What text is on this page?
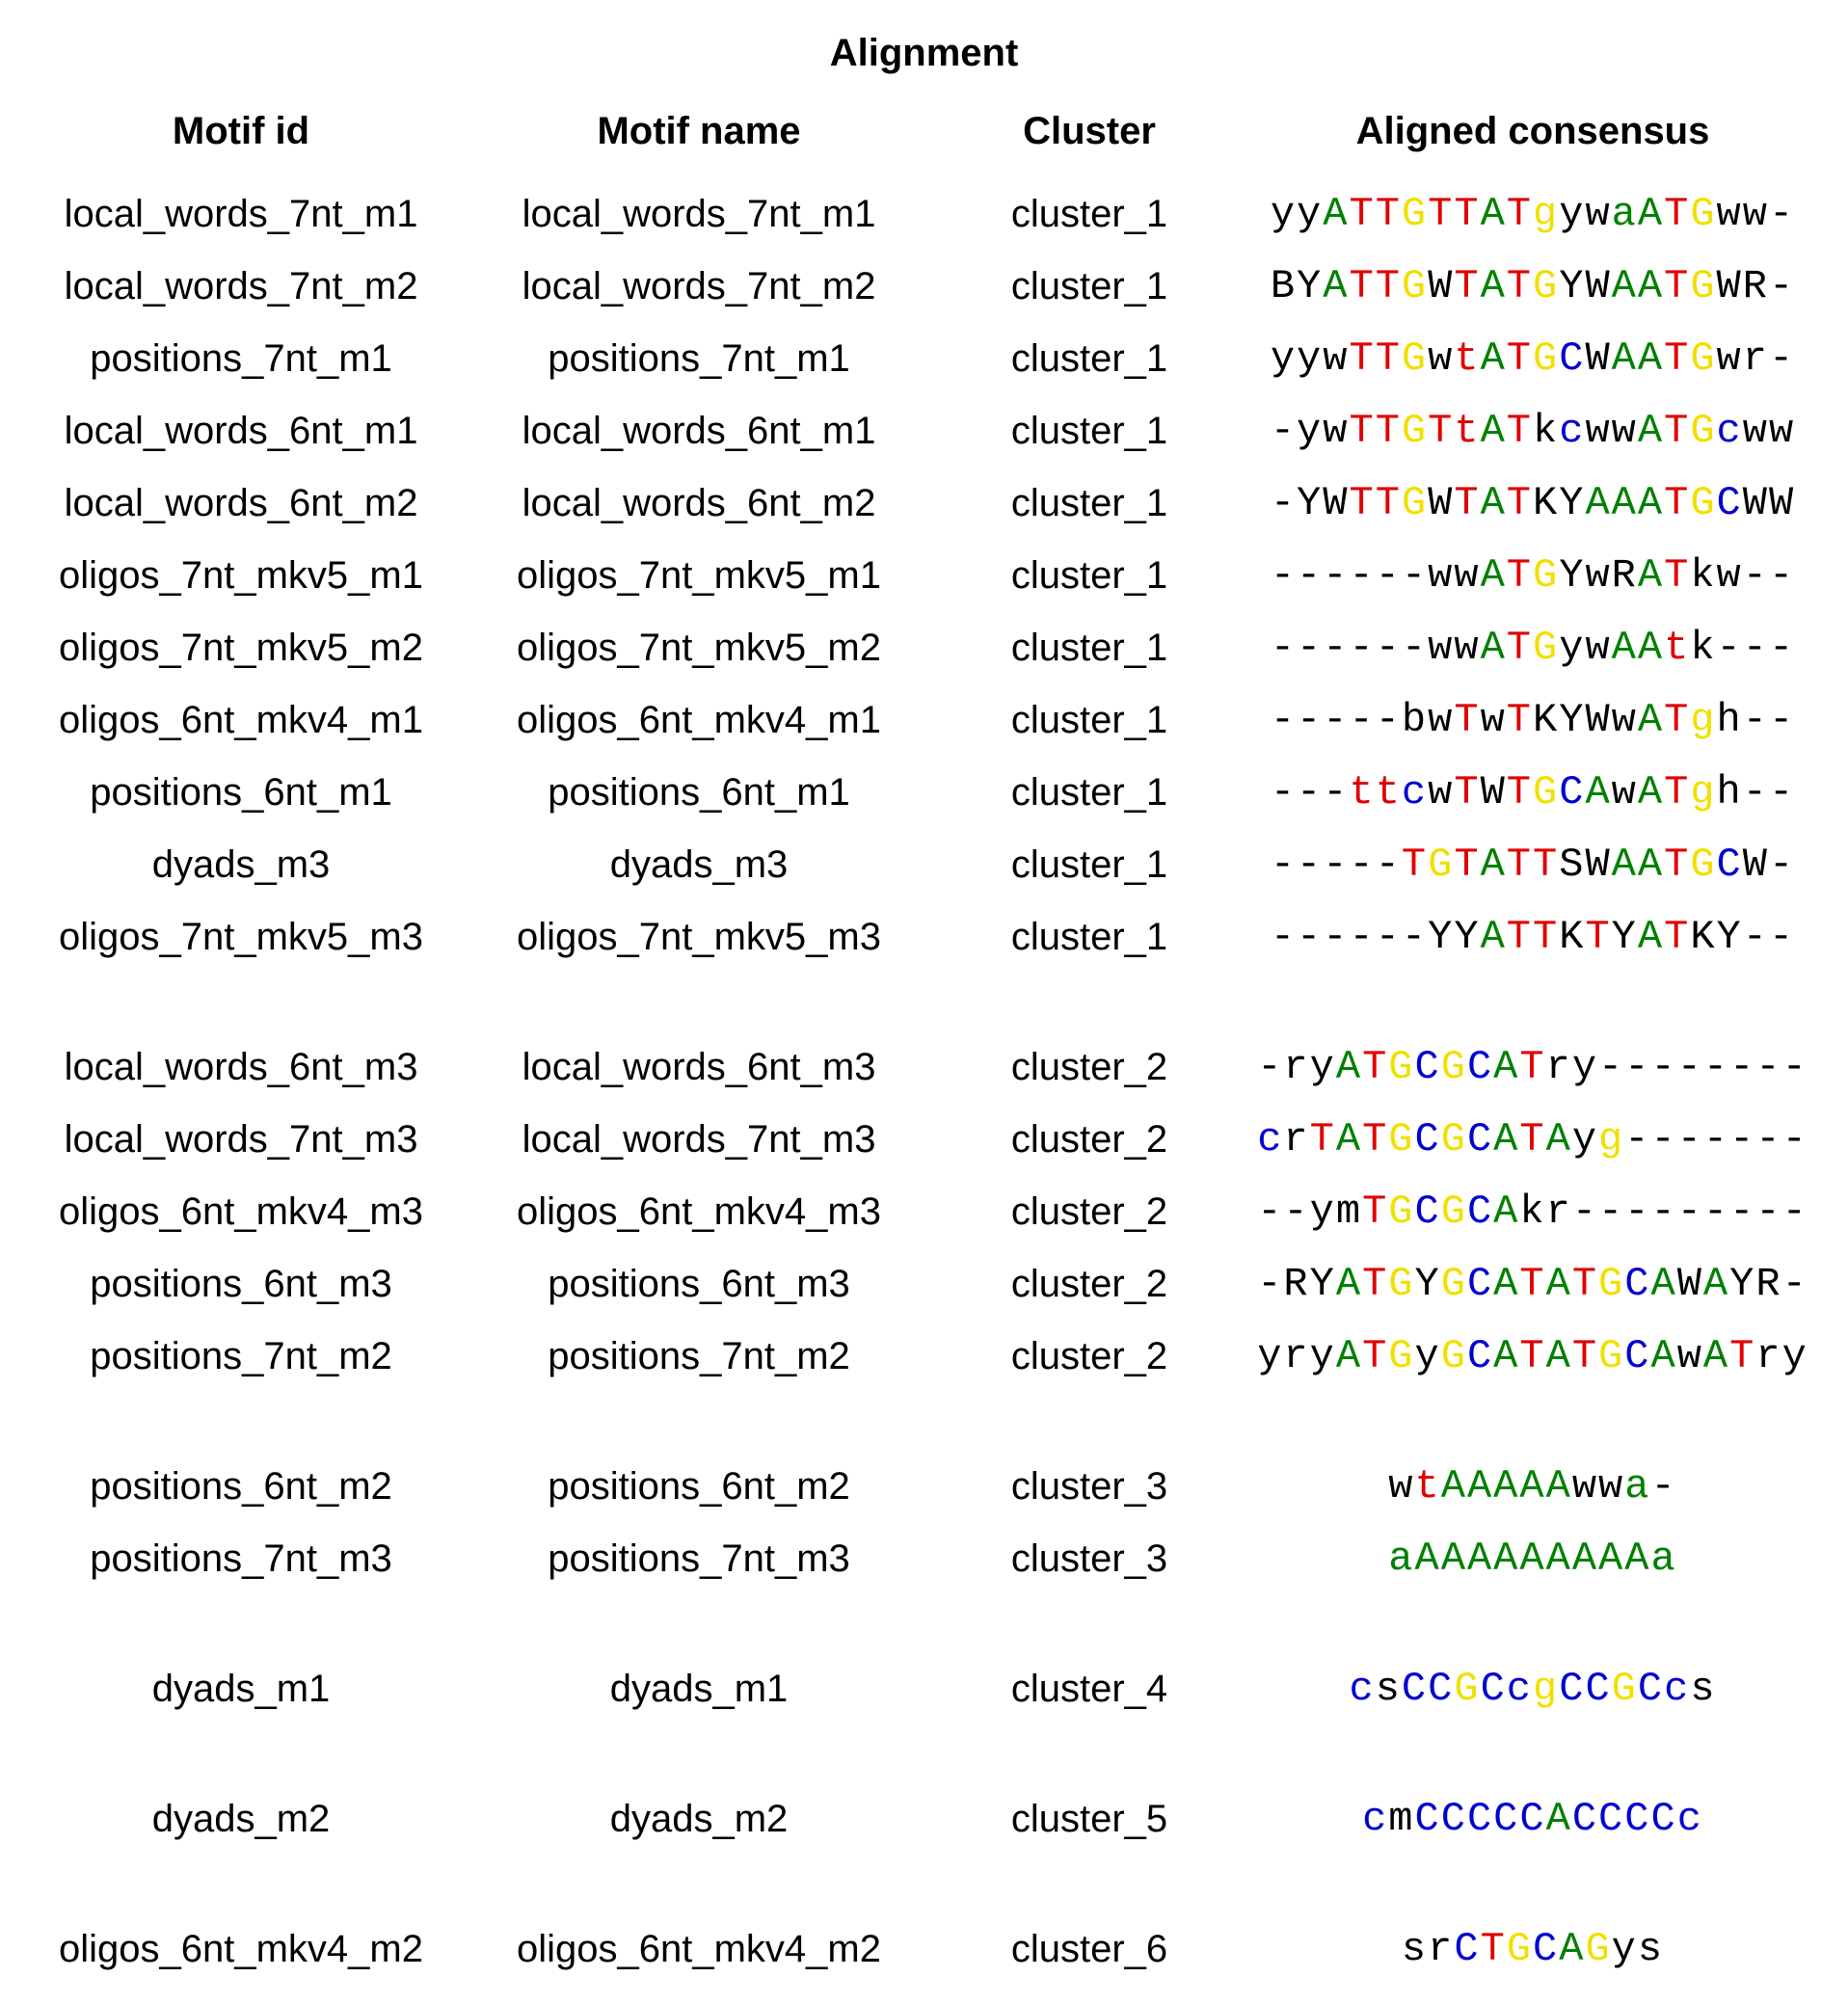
Alignment
Motif id	Motif name	Cluster	Aligned consensus
local_words_7nt_m1	local_words_7nt_m1	cluster_1	yyATTGTTATgywaATGww-
local_words_7nt_m2	local_words_7nt_m2	cluster_1	BYATTGWTATGYWAATGWR-
positions_7nt_m1	positions_7nt_m1	cluster_1	yywTTGwtATGCWAATGwr-
local_words_6nt_m1	local_words_6nt_m1	cluster_1	-ywTTGTtATkcwwATGcww
local_words_6nt_m2	local_words_6nt_m2	cluster_1	-YWTTGWTATKYAAATGCWW
oligos_7nt_mkv5_m1	oligos_7nt_mkv5_m1	cluster_1	------wwATGYwRATkw--
oligos_7nt_mkv5_m2	oligos_7nt_mkv5_m2	cluster_1	------wwATGywAAtk---
oligos_6nt_mkv4_m1	oligos_6nt_mkv4_m1	cluster_1	-----bwTwTKYWwATgh--
positions_6nt_m1	positions_6nt_m1	cluster_1	---ttcwTWTGCAwATgh--
dyads_m3	dyads_m3	cluster_1	-----TGTATTSWAATGCW-
oligos_7nt_mkv5_m3	oligos_7nt_mkv5_m3	cluster_1	------YYATTKTYATKY--
local_words_6nt_m3	local_words_6nt_m3	cluster_2	-ryATGCGCATry--------
local_words_7nt_m3	local_words_7nt_m3	cluster_2	crTATGCGCATAyg-------
oligos_6nt_mkv4_m3	oligos_6nt_mkv4_m3	cluster_2	--ymTGCGCAkr---------
positions_6nt_m3	positions_6nt_m3	cluster_2	-RYATGYGCATATGCAWAYR-
positions_7nt_m2	positions_7nt_m2	cluster_2	yryATGyGCATATGCAwATry
positions_6nt_m2	positions_6nt_m2	cluster_3	wtAAAAAwwa-
positions_7nt_m3	positions_7nt_m3	cluster_3	aAAAAAAAAAa
dyads_m1	dyads_m1	cluster_4	csCCGCcgCCGCcs
dyads_m2	dyads_m2	cluster_5	cmCCCCCACCCCc
oligos_6nt_mkv4_m2	oligos_6nt_mkv4_m2	cluster_6	srCTGCAGys
